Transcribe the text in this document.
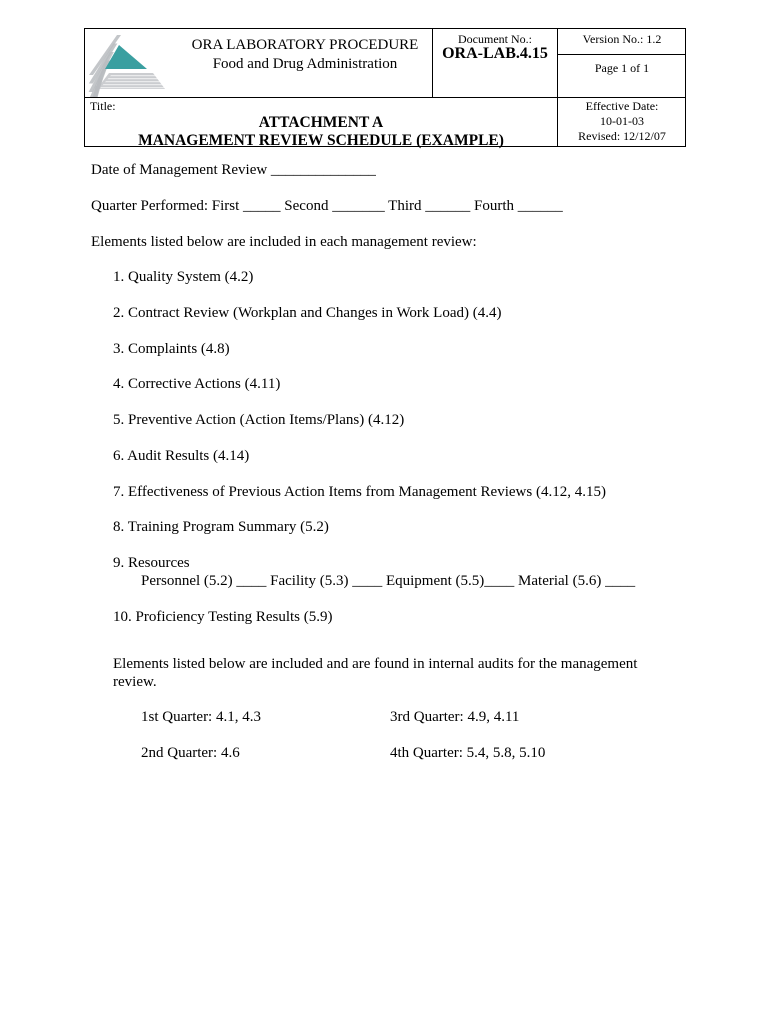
ORA LABORATORY PROCEDURE
Food and Drug Administration
Document No.:
ORA-LAB.4.15
Version No.: 1.2
Page 1 of 1
Title:
ATTACHMENT A
MANAGEMENT REVIEW SCHEDULE (EXAMPLE)
Effective Date:
10-01-03
Revised: 12/12/07
Date of Management Review ______________
Quarter Performed: First _____ Second _______ Third ______ Fourth ______
Elements listed below are included in each management review:
1. Quality System (4.2)
2. Contract Review (Workplan and Changes in Work Load) (4.4)
3. Complaints (4.8)
4. Corrective Actions (4.11)
5. Preventive Action (Action Items/Plans) (4.12)
6. Audit Results (4.14)
7. Effectiveness of Previous Action Items from Management Reviews (4.12, 4.15)
8. Training Program Summary (5.2)
9. Resources
Personnel (5.2) ____ Facility (5.3) ____ Equipment (5.5)____ Material (5.6) ____
10. Proficiency Testing Results (5.9)
Elements listed below are included and are found in internal audits for the management
review.
1st Quarter: 4.1, 4.3	3rd Quarter: 4.9, 4.11
2nd Quarter: 4.6	4th Quarter: 5.4, 5.8, 5.10
